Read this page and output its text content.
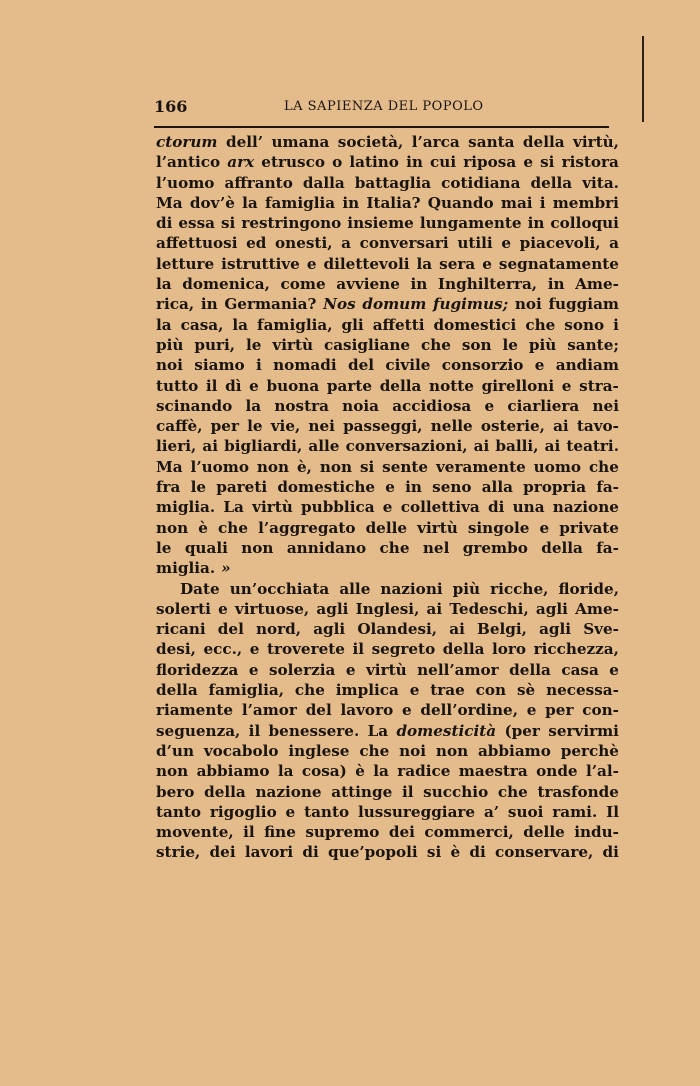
166	LA SAPIENZA DEL POPOLO
ctorum dell’ umana società, l’arca santa della virtù,
l’antico arx etrusco o latino in cui riposa e si ristora
l’uomo affranto dalla battaglia cotidiana della vita.
Ma dov’è la famiglia in Italia? Quando mai i membri
di essa si restringono insieme lungamente in colloqui
affettuosi ed onesti, a conversari utili e piacevoli, a
letture istruttive e dilettevoli la sera e segnatamente
la domenica, come avviene in Inghilterra, in Ame-
rica, in Germania? Nos domum fugimus; noi fuggiam
la casa, la famiglia, gli affetti domestici che sono i
più puri, le virtù casigliane che son le più sante;
noi siamo i nomadi del civile consorzio e andiam
tutto il dì e buona parte della notte girelloni e stra-
scinando la nostra noia accidiosa e ciarliera nei
caffè, per le vie, nei passeggi, nelle osterie, ai tavo-
lieri, ai bigliardi, alle conversazioni, ai balli, ai teatri.
Ma l’uomo non è, non si sente veramente uomo che
fra le pareti domestiche e in seno alla propria fa-
miglia. La virtù pubblica e collettiva di una nazione
non è che l’aggregato delle virtù singole e private
le quali non annidano che nel grembo della fa-
miglia. »
Date un’occhiata alle nazioni più ricche, floride,
solerti e virtuose, agli Inglesi, ai Tedeschi, agli Ame-
ricani del nord, agli Olandesi, ai Belgi, agli Sve-
desi, ecc., e troverete il segreto della loro ricchezza,
floridezza e solerzia e virtù nell’amor della casa e
della famiglia, che implica e trae con sè necessa-
riamente l’amor del lavoro e dell’ordine, e per con-
seguenza, il benessere. La domesticità (per servirmi
d’un vocabolo inglese che noi non abbiamo perchè
non abbiamo la cosa) è la radice maestra onde l’al-
bero della nazione attinge il succhio che trasfonde
tanto rigoglio e tanto lussureggiare a’ suoi rami. Il
movente, il fine supremo dei commerci, delle indu-
strie, dei lavori di que’popoli si è di conservare, di
